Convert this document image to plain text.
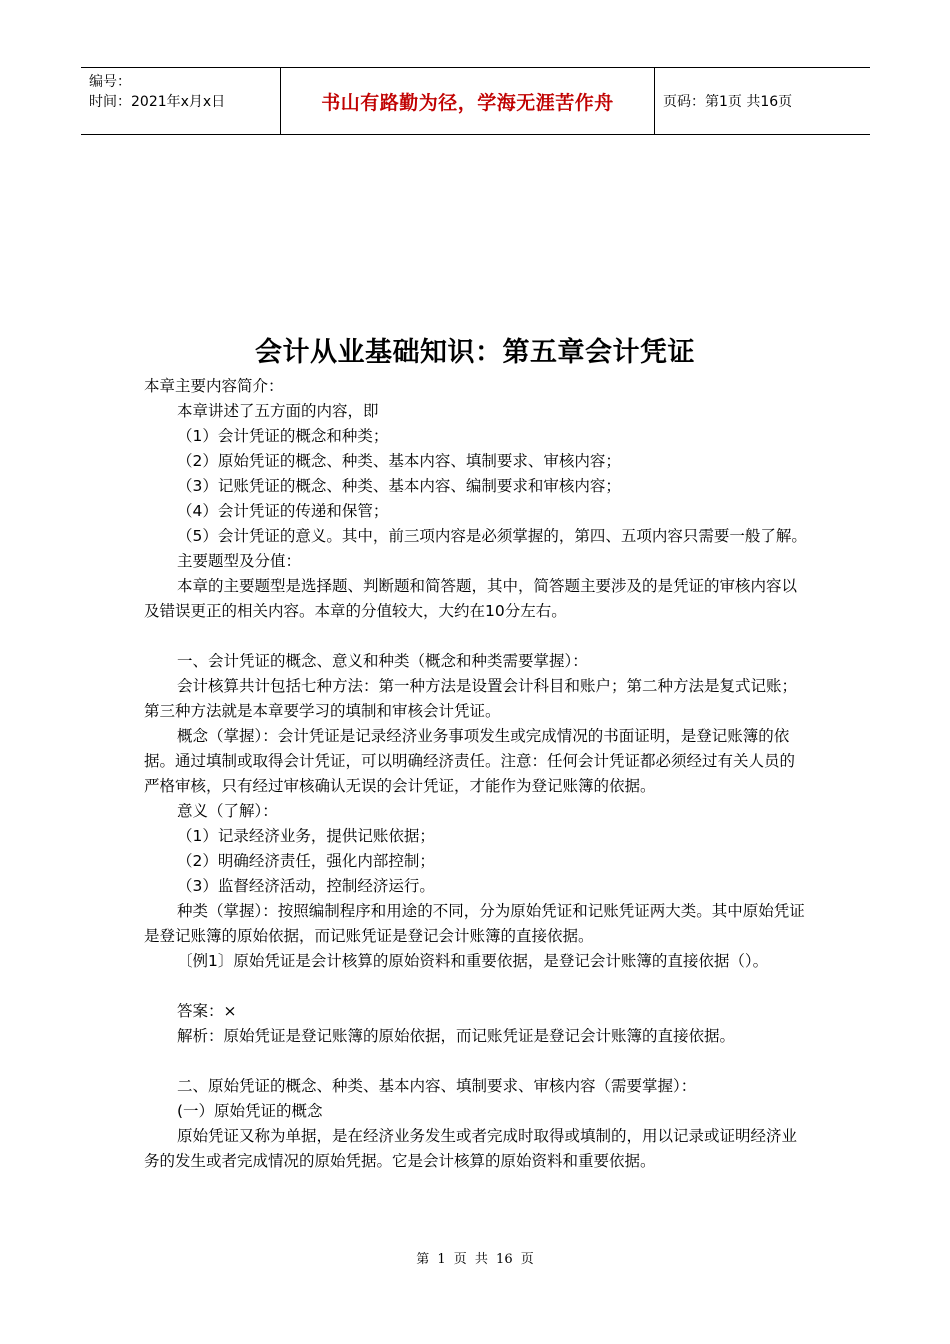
编号：
时间：2021年x月x日	书山有路勤为径，学海无涯苦作舟	页码：第1页 共16页
会计从业基础知识：第五章会计凭证

本章主要内容简介：

本章讲述了五方面的内容，即

（1）会计凭证的概念和种类；

（2）原始凭证的概念、种类、基本内容、填制要求、审核内容；

（3）记账凭证的概念、种类、基本内容、编制要求和审核内容；

（4）会计凭证的传递和保管；

（5）会计凭证的意义。其中，前三项内容是必须掌握的，第四、五项内容只需要一般了解。

主要题型及分值：

本章的主要题型是选择题、判断题和简答题，其中，简答题主要涉及的是凭证的审核内容以及错误更正的相关内容。本章的分值较大，大约在10分左右。

一、会计凭证的概念、意义和种类（概念和种类需要掌握）：

会计核算共计包括七种方法：第一种方法是设置会计科目和账户；第二种方法是复式记账；第三种方法就是本章要学习的填制和审核会计凭证。

概念（掌握）：会计凭证是记录经济业务事项发生或完成情况的书面证明，是登记账簿的依据。通过填制或取得会计凭证，可以明确经济责任。注意：任何会计凭证都必须经过有关人员的严格审核，只有经过审核确认无误的会计凭证，才能作为登记账簿的依据。

意义（了解）：

（1）记录经济业务，提供记账依据；

（2）明确经济责任，强化内部控制；

（3）监督经济活动，控制经济运行。

种类（掌握）：按照编制程序和用途的不同，分为原始凭证和记账凭证两大类。其中原始凭证是登记账簿的原始依据，而记账凭证是登记会计账簿的直接依据。

〔例1〕原始凭证是会计核算的原始资料和重要依据，是登记会计账簿的直接依据（）。

答案：×

解析：原始凭证是登记账簿的原始依据，而记账凭证是登记会计账簿的直接依据。

二、原始凭证的概念、种类、基本内容、填制要求、审核内容（需要掌握）：

(一）原始凭证的概念

原始凭证又称为单据，是在经济业务发生或者完成时取得或填制的，用以记录或证明经济业务的发生或者完成情况的原始凭据。它是会计核算的原始资料和重要依据。

第 1 页 共 16 页
